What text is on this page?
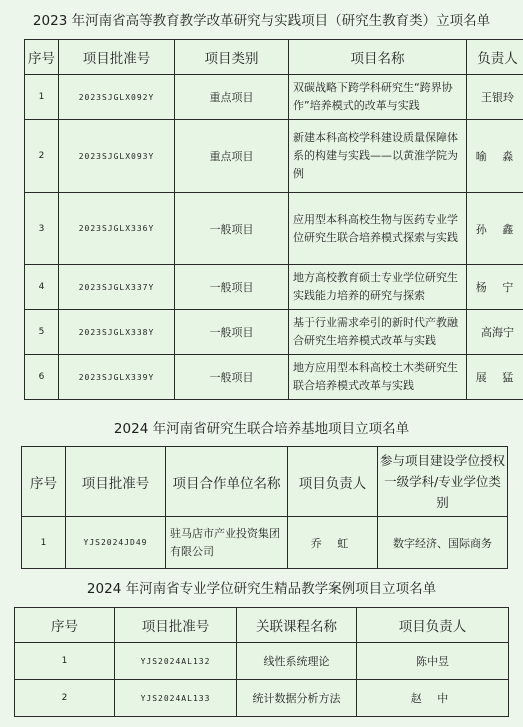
2023 年河南省高等教育教学改革研究与实践项目（研究生教育类）立项名单
序号	项目批准号	项目类别	项目名称	负责人
1	2023SJGLX092Y	重点项目	双碳战略下跨学科研究生“跨界协作”培养模式的改革与实践	王银玲
2	2023SJGLX093Y	重点项目	新建本科高校学科建设质量保障体系的构建与实践——以黄淮学院为例	喻 淼
3	2023SJGLX336Y	一般项目	应用型本科高校生物与医药专业学位研究生联合培养模式探索与实践	孙 鑫
4	2023SJGLX337Y	一般项目	地方高校教育硕士专业学位研究生实践能力培养的研究与探索	杨 宁
5	2023SJGLX338Y	一般项目	基于行业需求牵引的新时代产教融合研究生培养模式改革与实践	高海宁
6	2023SJGLX339Y	一般项目	地方应用型本科高校土木类研究生联合培养模式改革与实践	展 猛
2024 年河南省研究生联合培养基地项目立项名单
序号	项目批准号	项目合作单位名称	项目负责人	参与项目建设学位授权一级学科/专业学位类别
1	YJS2024JD49	驻马店市产业投资集团有限公司	乔 虹	数字经济、国际商务
2024 年河南省专业学位研究生精品教学案例项目立项名单
序号	项目批准号	关联课程名称	项目负责人
1	YJS2024AL132	线性系统理论	陈中昱
2	YJS2024AL133	统计数据分析方法	赵 中
